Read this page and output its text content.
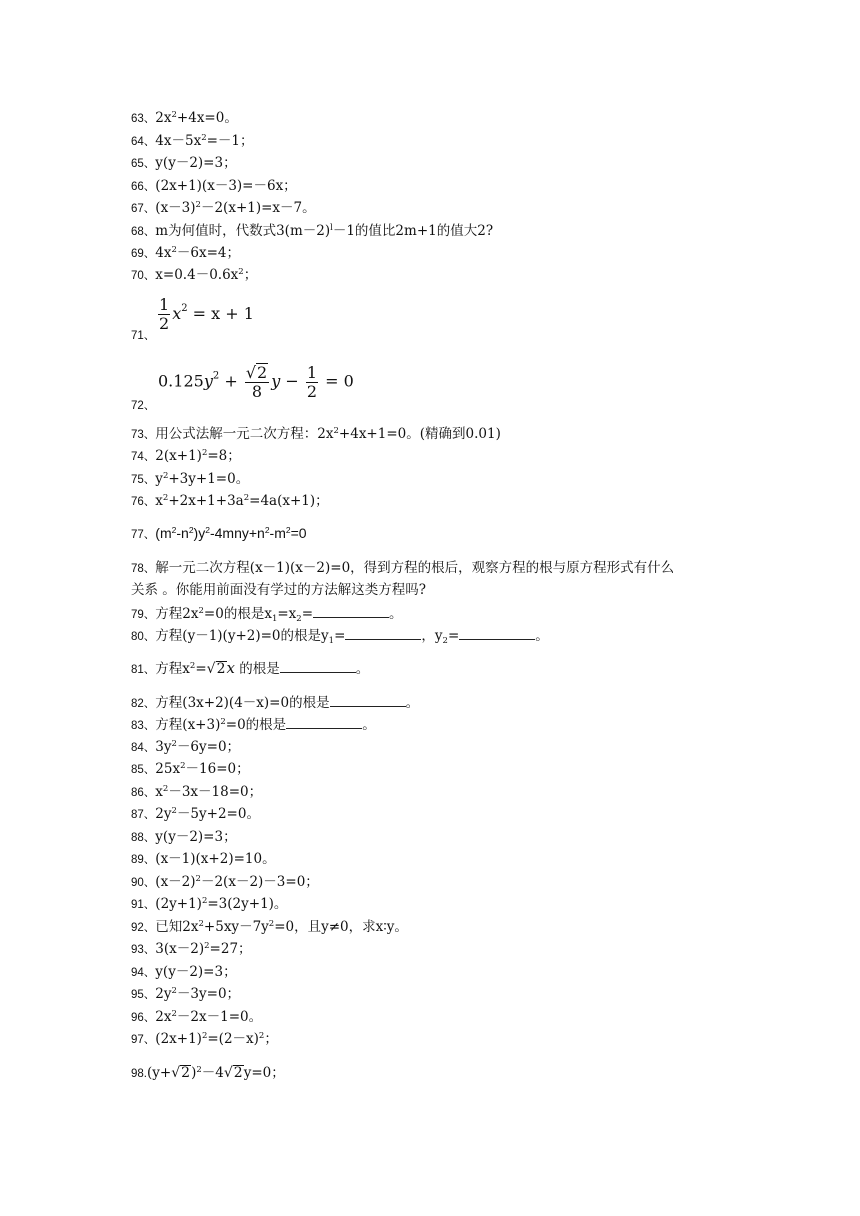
63、$2x^2+4x=0$。
64、$4x-5x^2=-1$；
65、y(y－2)=3；
66、(2x+1)(x－3)=－6x；
67、$(x-3)^2-2(x+1)=x-7$。
68、m为何值时，代数式$3(m-2)^l-1$的值比2m+1的值大2?
69、$4x^2-6x=4$；
70、$x=0.4-0.6x^2$；
71、
$\frac{1}{2} x^2 = x + 1$
72、
$0.125y^2 + \frac{√2}{8}$ $y - \frac{1}{2} = 0$
73、用公式法解一元二次方程：$2x^2+4x+1=0$。(精确到0.01)
74、$2(x+1)^2=8$；
75、$y^2+3y+1=0$。
76、$x^2+2x+1+3a^2=4a(x+1)$；
77、$(m^2-n^2)y^2-4mny+n^2-m^2=0$
78、解一元二次方程(x－1)(x－2)=0，得到方程的根后，观察方程的根与原方程形式有什么
关系 。你能用前面没有学过的方法解这类方程吗?
79、方程$2x^2=0$的根是$x_1=x_2=$	。
80、方程(y－1)(y+2)=0的根是$y_1=$	，$y_2=$	。
81、方程$x^2=√2x$ 的根是	。
82、方程(3x+2)(4－x)=0的根是	。
83、方程$(x+3)^2=0$的根是	。
84、$3y^2-6y=0$；
85、$25x^2-16=0$；
86、$x^2-3x-18=0$；
87、$2y^2-5y+2=0$。
88、y(y－2)=3；
89、(x－1)(x+2)=10。
90、$(x-2)^2-2(x-2)-3=0$；
91、$(2y+1)^2=3(2y+1)$。
92、已知$2x^2+5xy-7y^2=0$，且y≠0，求x∶y。
93、$3(x-2)^2=27$；
94、y(y－2)=3；
95、$2y^2-3y=0$；
96、$2x^2-2x-1=0$。
97、$(2x+1)^2=(2-x)^2$；
$98.(y+√2)^2-4√2y=0$；
